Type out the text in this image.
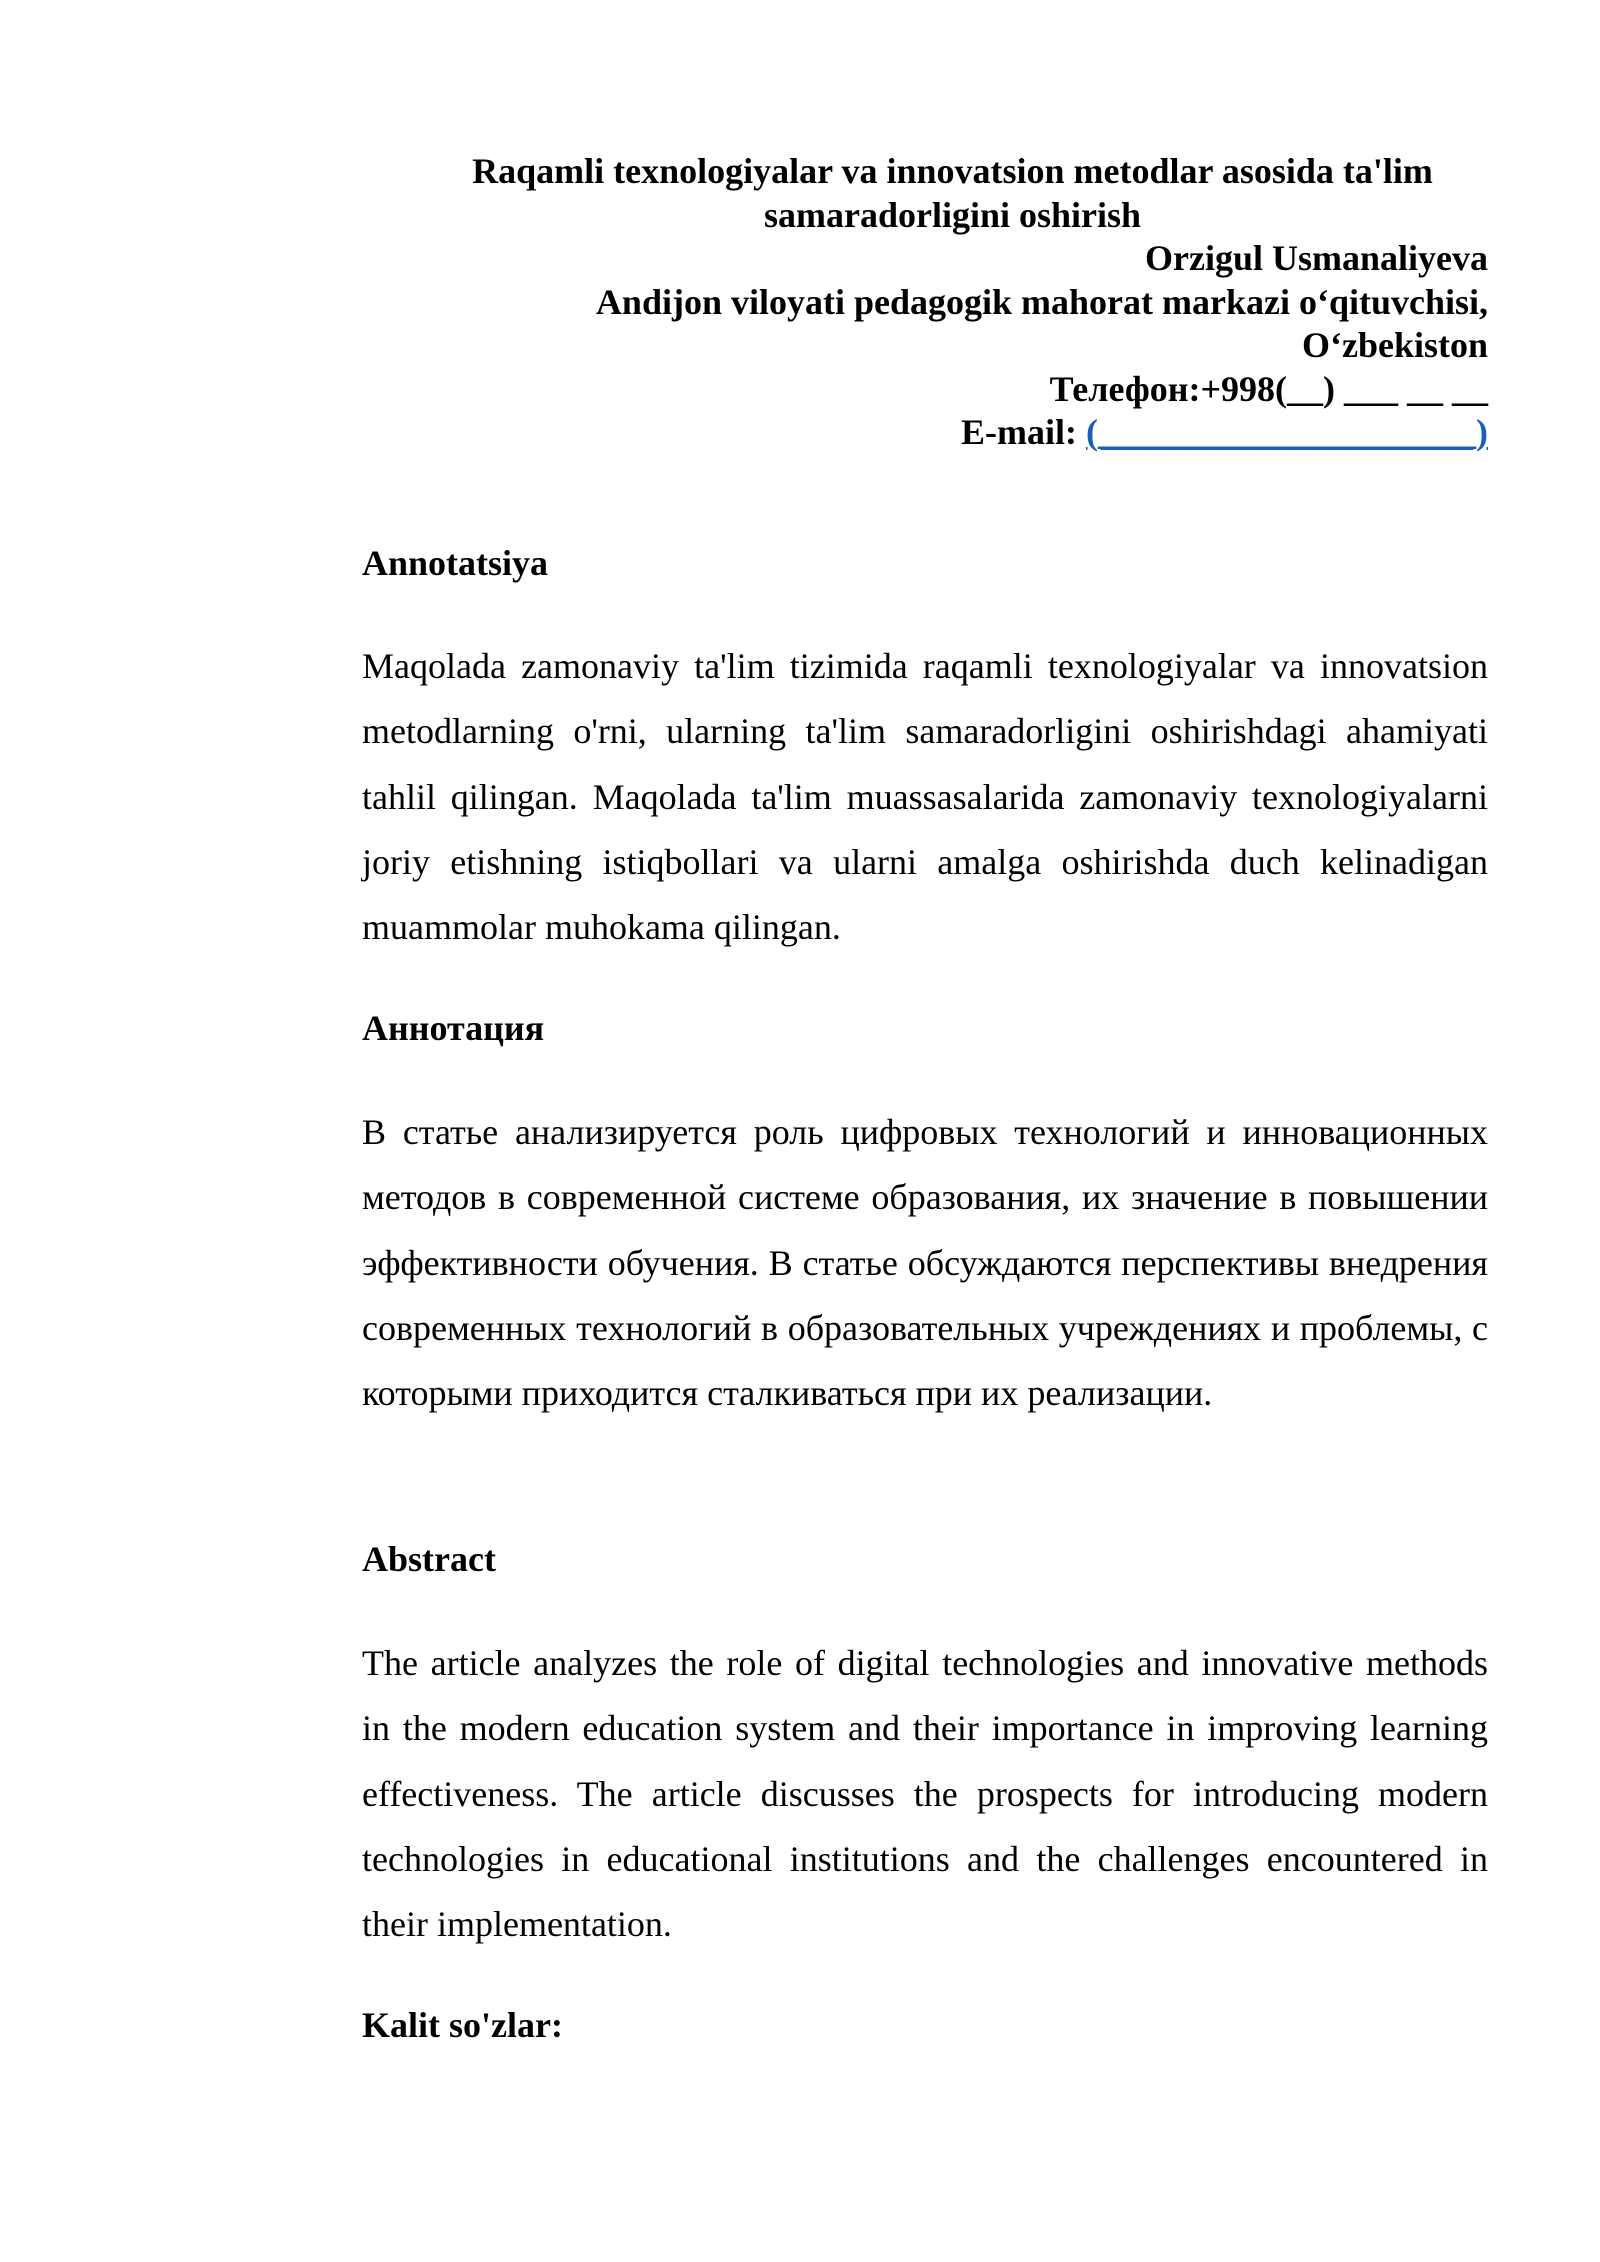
Raqamli texnologiyalar va innovatsion metodlar asosida ta'lim
samaradorligini oshirish
Orzigul Usmanaliyeva
Andijon viloyati pedagogik mahorat markazi o‘qituvchisi,
O‘zbekiston
Телефон:+998(__) ___ __ __
E-mail: (_____________________)
Annotatsiya

Maqolada zamonaviy ta'lim tizimida raqamli texnologiyalar va innovatsion metodlarning o'rni, ularning ta'lim samaradorligini oshirishdagi ahamiyati tahlil qilingan. Maqolada ta'lim muassasalarida zamonaviy texnologiyalarni joriy etishning istiqbollari va ularni amalga oshirishda duch kelinadigan muammolar muhokama qilingan.

Аннотация

В статье анализируется роль цифровых технологий и инновационных методов в современной системе образования, их значение в повышении эффективности обучения. В статье обсуждаются перспективы внедрения современных технологий в образовательных учреждениях и проблемы, с которыми приходится сталкиваться при их реализации.

Abstract

The article analyzes the role of digital technologies and innovative methods in the modern education system and their importance in improving learning effectiveness. The article discusses the prospects for introducing modern technologies in educational institutions and the challenges encountered in their implementation.

Kalit so'zlar:
